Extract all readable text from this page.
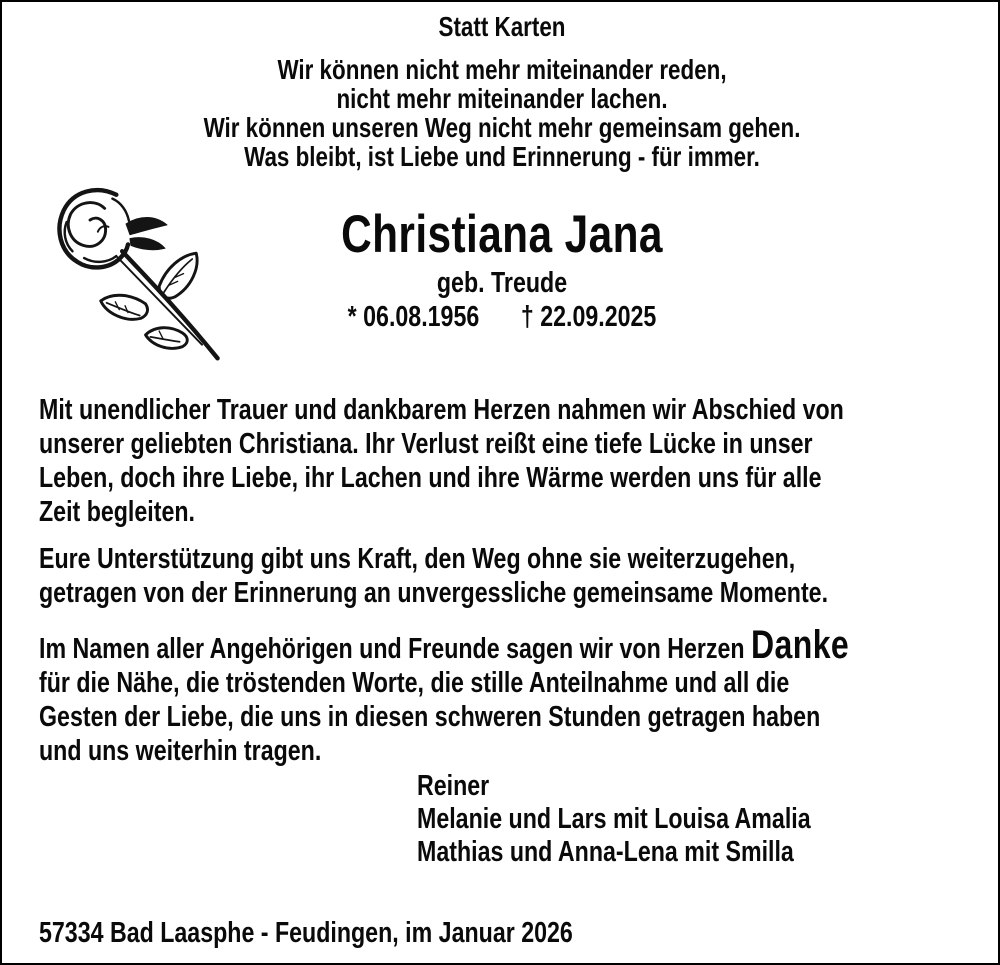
Statt Karten
Wir können nicht mehr miteinander reden,
nicht mehr miteinander lachen.
Wir können unseren Weg nicht mehr gemeinsam gehen.
Was bleibt, ist Liebe und Erinnerung - für immer.
Christiana Jana
geb. Treude
* 06.08.1956 † 22.09.2025
Mit unendlicher Trauer und dankbarem Herzen nahmen wir Abschied von
unserer geliebten Christiana. Ihr Verlust reißt eine tiefe Lücke in unser
Leben, doch ihre Liebe, ihr Lachen und ihre Wärme werden uns für alle
Zeit begleiten.
Eure Unterstützung gibt uns Kraft, den Weg ohne sie weiterzugehen,
getragen von der Erinnerung an unvergessliche gemeinsame Momente.
Im Namen aller Angehörigen und Freunde sagen wir von Herzen Danke
für die Nähe, die tröstenden Worte, die stille Anteilnahme und all die
Gesten der Liebe, die uns in diesen schweren Stunden getragen haben
und uns weiterhin tragen.
Reiner
Melanie und Lars mit Louisa Amalia
Mathias und Anna-Lena mit Smilla
57334 Bad Laasphe - Feudingen, im Januar 2026
